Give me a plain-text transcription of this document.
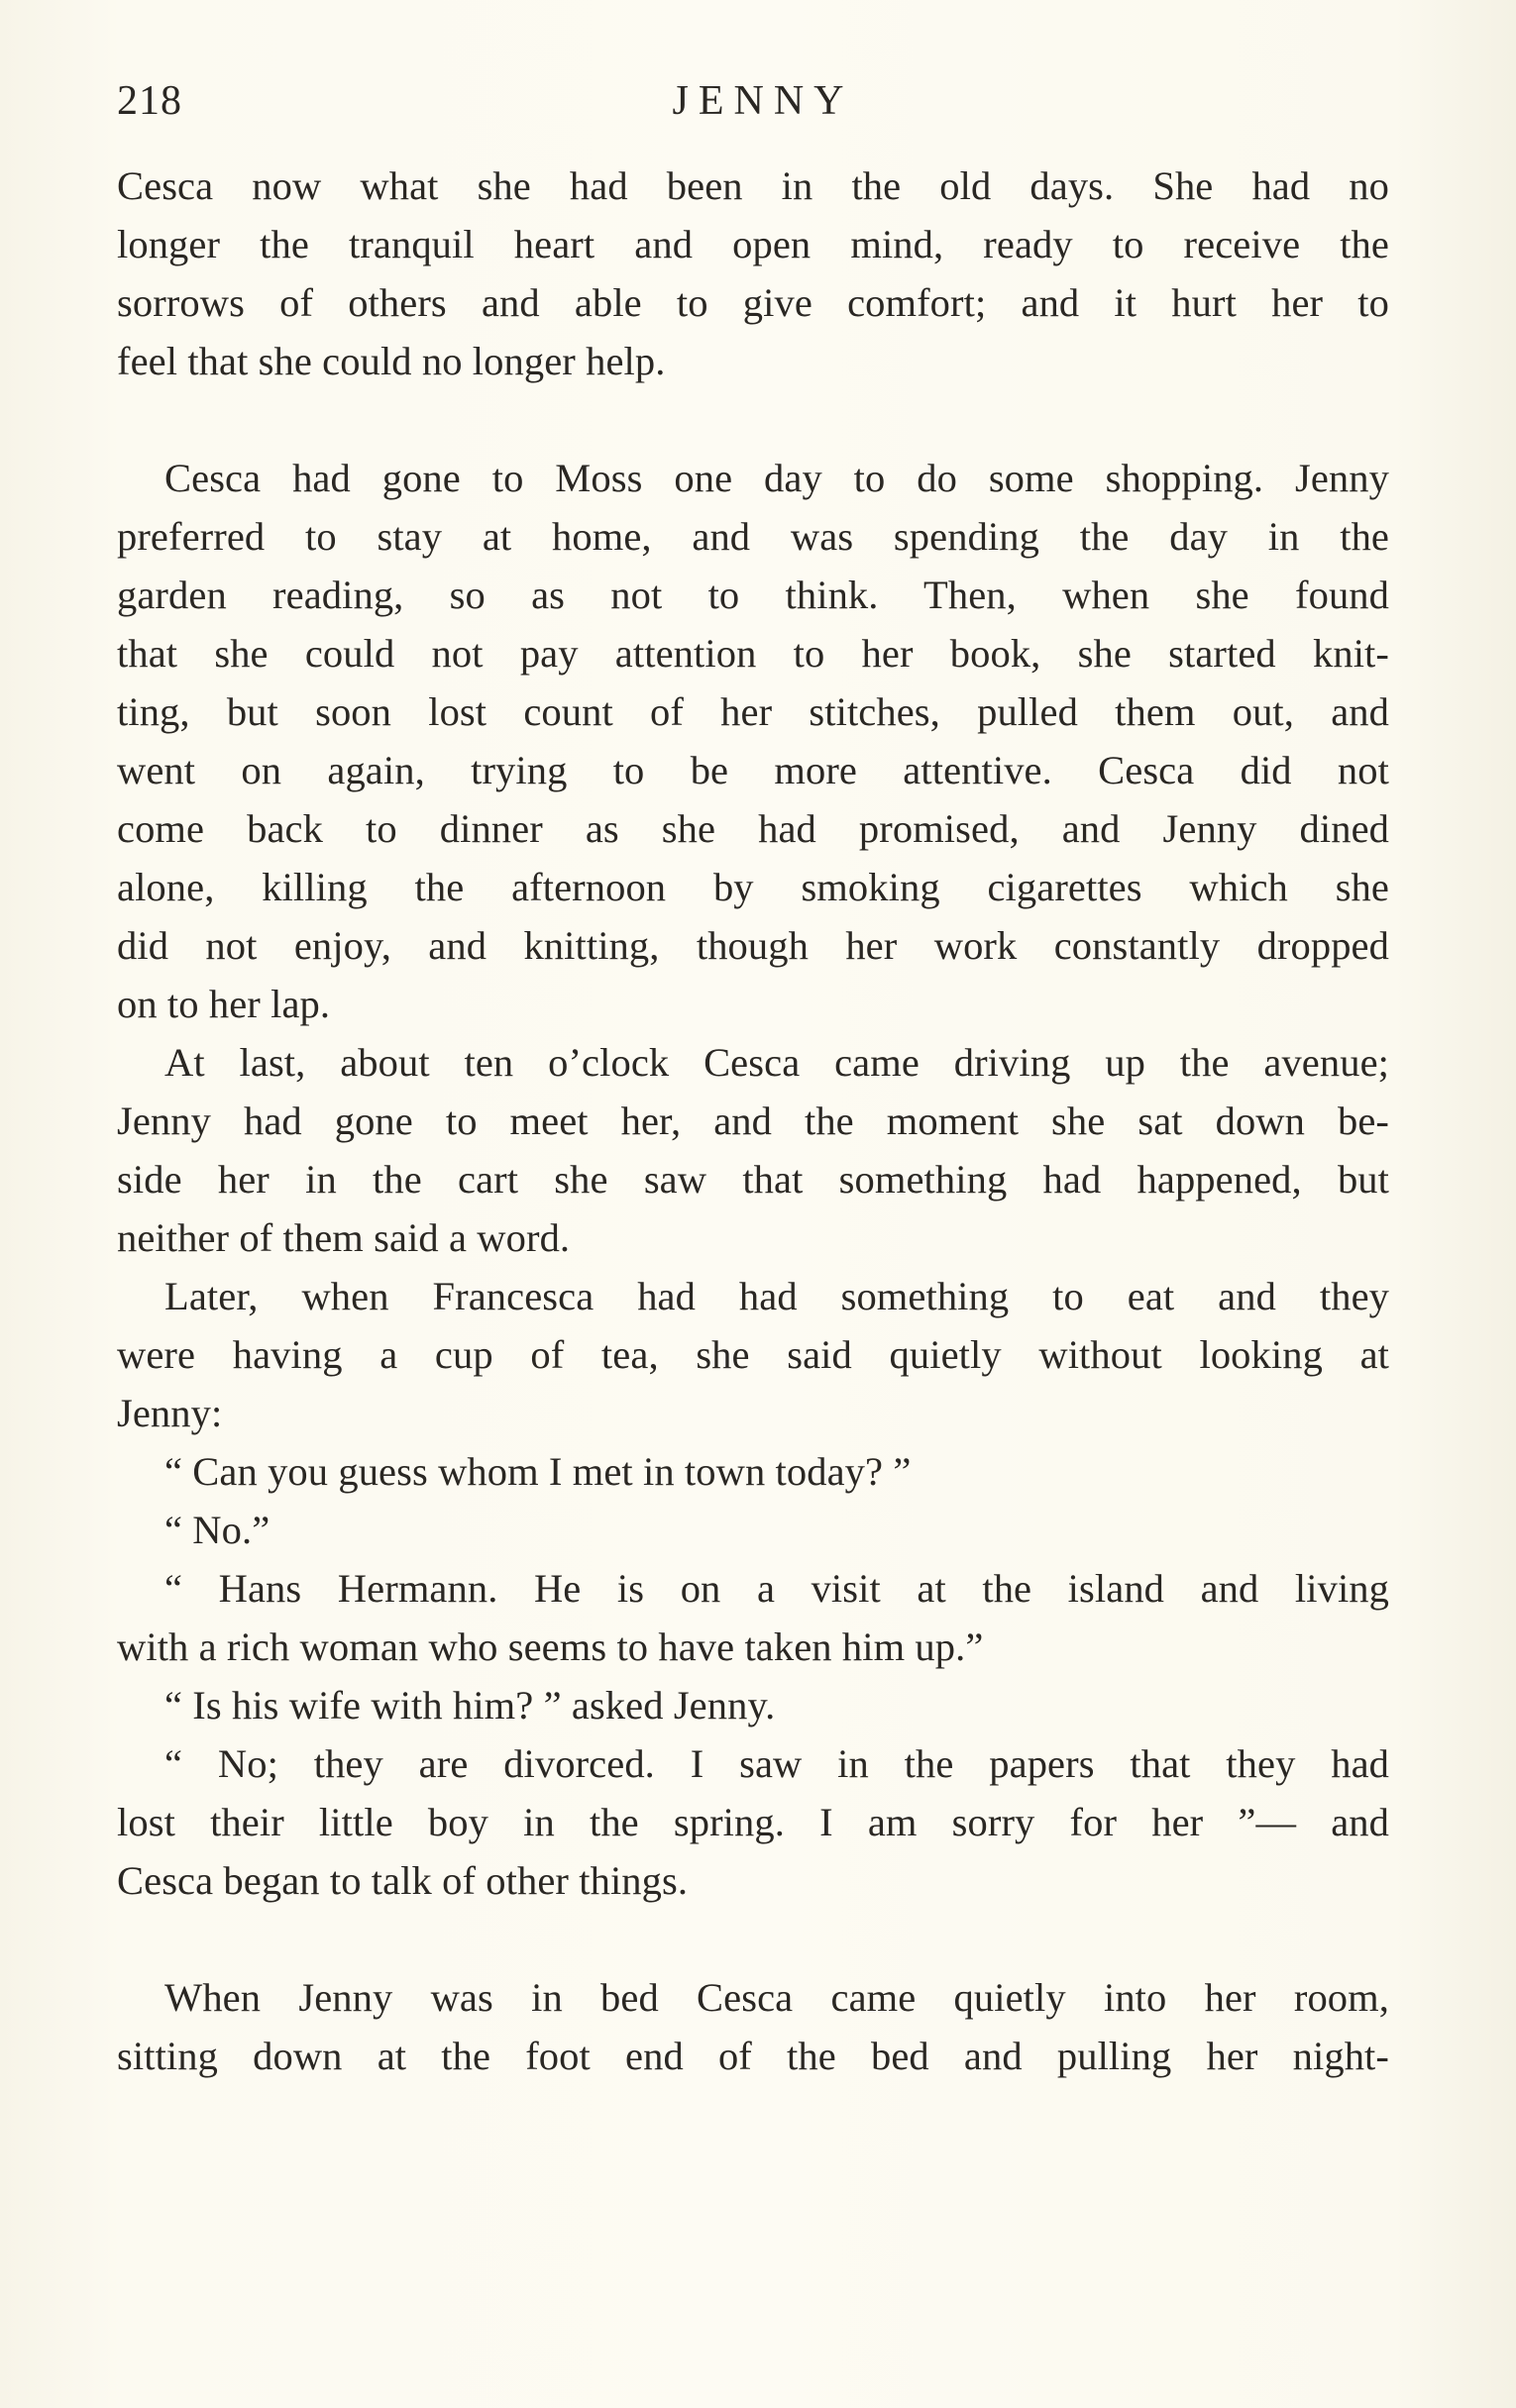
218	JENNY
Cesca now what she had been in the old days. She had no
longer the tranquil heart and open mind, ready to receive the
sorrows of others and able to give comfort; and it hurt her to
feel that she could no longer help.
Cesca had gone to Moss one day to do some shopping. Jenny
preferred to stay at home, and was spending the day in the
garden reading, so as not to think. Then, when she found
that she could not pay attention to her book, she started knit-
ting, but soon lost count of her stitches, pulled them out, and
went on again, trying to be more attentive. Cesca did not
come back to dinner as she had promised, and Jenny dined
alone, killing the afternoon by smoking cigarettes which she
did not enjoy, and knitting, though her work constantly dropped
on to her lap.
At last, about ten o’clock Cesca came driving up the avenue;
Jenny had gone to meet her, and the moment she sat down be-
side her in the cart she saw that something had happened, but
neither of them said a word.
Later, when Francesca had had something to eat and they
were having a cup of tea, she said quietly without looking at
Jenny:
“ Can you guess whom I met in town today? ”
“ No.”
“ Hans Hermann. He is on a visit at the island and living
with a rich woman who seems to have taken him up.”
“ Is his wife with him? ” asked Jenny.
“ No; they are divorced. I saw in the papers that they had
lost their little boy in the spring. I am sorry for her ”— and
Cesca began to talk of other things.
When Jenny was in bed Cesca came quietly into her room,
sitting down at the foot end of the bed and pulling her night-
